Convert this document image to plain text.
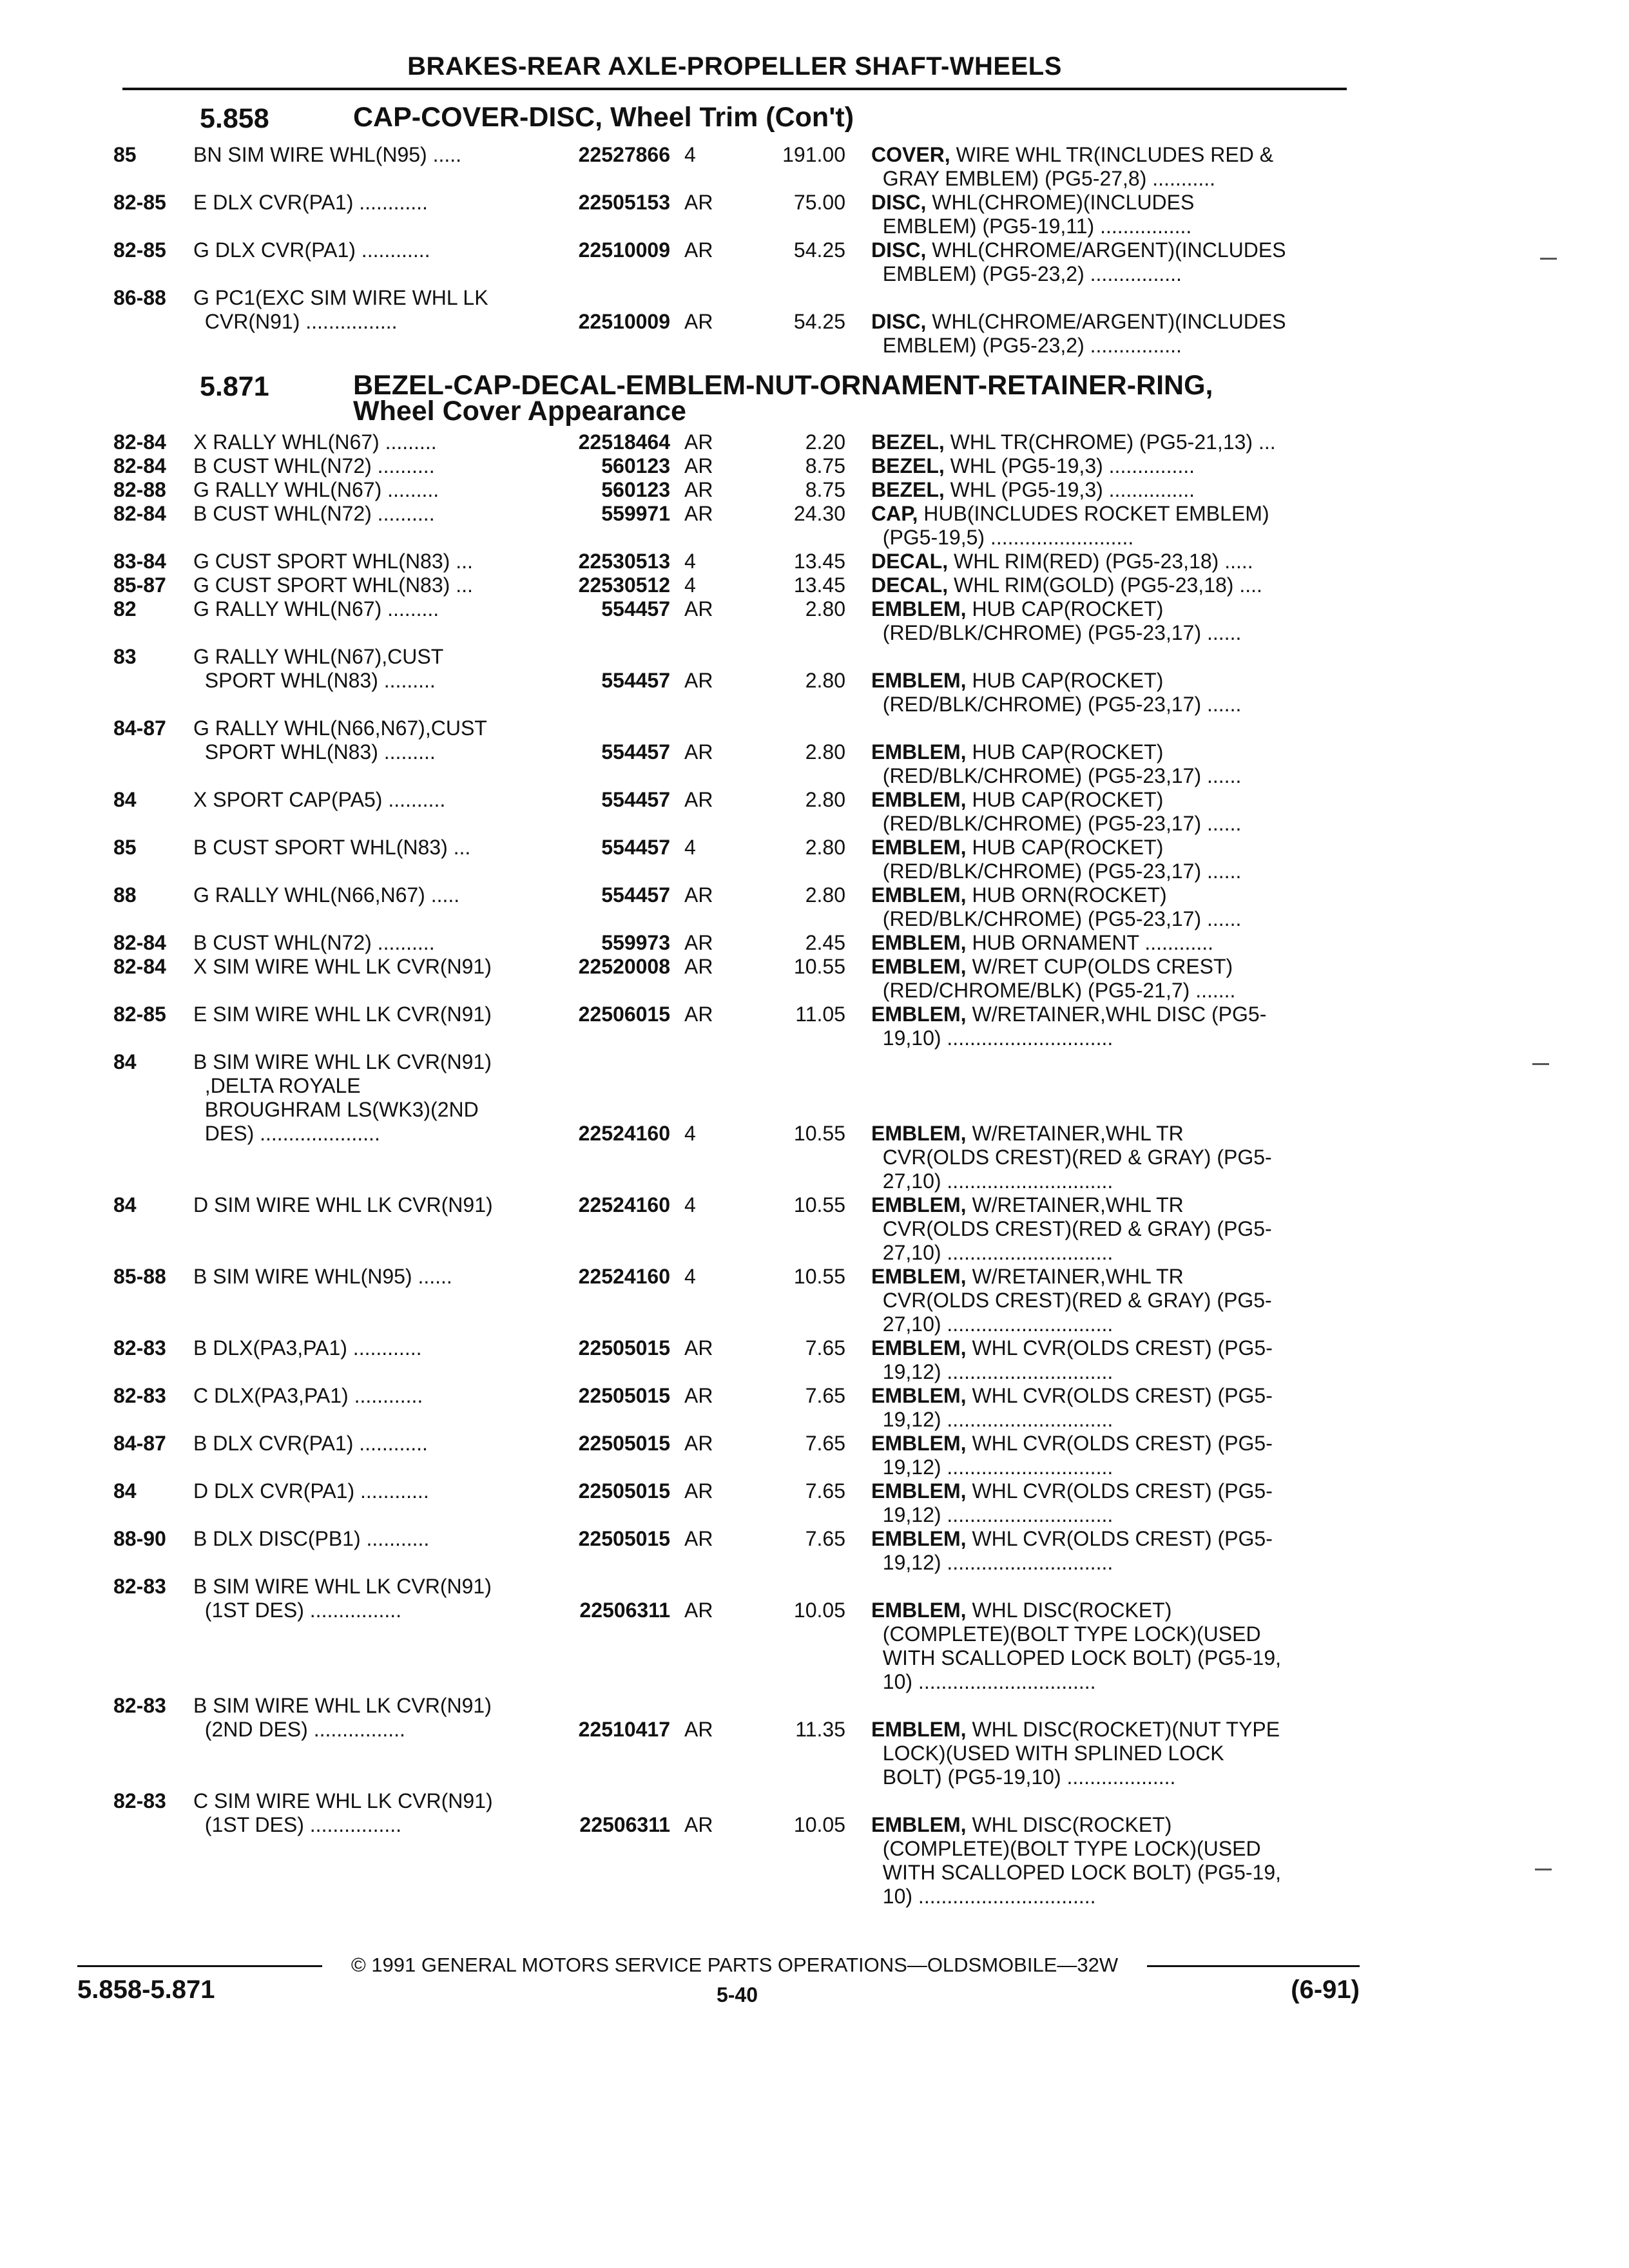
BRAKES-REAR AXLE-PROPELLER SHAFT-WHEELS
5.858	CAP-COVER-DISC, Wheel Trim (Con't)
85	BN SIM WIRE WHL(N95) .....	22527866 4	191.00 COVER, WIRE WHL TR(INCLUDES RED &
GRAY EMBLEM) (PG5-27,8) ...........
82-85	E DLX CVR(PA1) ............	22505153 AR	75.00 DISC, WHL(CHROME)(INCLUDES
EMBLEM) (PG5-19,11) ................
82-85	G DLX CVR(PA1) ............	22510009 AR	54.25 DISC, WHL(CHROME/ARGENT)(INCLUDES
EMBLEM) (PG5-23,2) ................
86-88	G PC1(EXC SIM WIRE WHL LK
CVR(N91) ................	22510009 AR	54.25 DISC, WHL(CHROME/ARGENT)(INCLUDES
EMBLEM) (PG5-23,2) ................
5.871	BEZEL-CAP-DECAL-EMBLEM-NUT-ORNAMENT-RETAINER-RING,
Wheel Cover Appearance
82-84	X RALLY WHL(N67) .........	22518464 AR	2.20 BEZEL, WHL TR(CHROME) (PG5-21,13) ...
82-84	B CUST WHL(N72) ..........	560123 AR	8.75 BEZEL, WHL (PG5-19,3) ...............
82-88	G RALLY WHL(N67) .........	560123 AR	8.75 BEZEL, WHL (PG5-19,3) ...............
82-84	B CUST WHL(N72) ..........	559971 AR	24.30 CAP, HUB(INCLUDES ROCKET EMBLEM)
(PG5-19,5) .........................
83-84	G CUST SPORT WHL(N83) ...	22530513 4	13.45 DECAL, WHL RIM(RED) (PG5-23,18) .....
85-87	G CUST SPORT WHL(N83) ...	22530512 4	13.45 DECAL, WHL RIM(GOLD) (PG5-23,18) ....
82	G RALLY WHL(N67) .........	554457 AR	2.80 EMBLEM, HUB CAP(ROCKET)
(RED/BLK/CHROME) (PG5-23,17) ......
83	G RALLY WHL(N67),CUST
SPORT WHL(N83) .........	554457 AR	2.80 EMBLEM, HUB CAP(ROCKET)
(RED/BLK/CHROME) (PG5-23,17) ......
84-87	G RALLY WHL(N66,N67),CUST
SPORT WHL(N83) .........	554457 AR	2.80 EMBLEM, HUB CAP(ROCKET)
(RED/BLK/CHROME) (PG5-23,17) ......
84	X SPORT CAP(PA5) ..........	554457 AR	2.80 EMBLEM, HUB CAP(ROCKET)
(RED/BLK/CHROME) (PG5-23,17) ......
85	B CUST SPORT WHL(N83) ...	554457 4	2.80 EMBLEM, HUB CAP(ROCKET)
(RED/BLK/CHROME) (PG5-23,17) ......
88	G RALLY WHL(N66,N67) .....	554457 AR	2.80 EMBLEM, HUB ORN(ROCKET)
(RED/BLK/CHROME) (PG5-23,17) ......
82-84	B CUST WHL(N72) ..........	559973 AR	2.45 EMBLEM, HUB ORNAMENT ............
82-84	X SIM WIRE WHL LK CVR(N91)	22520008 AR	10.55 EMBLEM, W/RET CUP(OLDS CREST)
(RED/CHROME/BLK) (PG5-21,7) .......
82-85	E SIM WIRE WHL LK CVR(N91)	22506015 AR	11.05 EMBLEM, W/RETAINER,WHL DISC (PG5-
19,10) .............................
84	B SIM WIRE WHL LK CVR(N91)
,DELTA ROYALE
BROUGHRAM LS(WK3)(2ND
DES) .....................	22524160 4	10.55 EMBLEM, W/RETAINER,WHL TR
CVR(OLDS CREST)(RED & GRAY) (PG5-
27,10) .............................
84	D SIM WIRE WHL LK CVR(N91)	22524160 4	10.55 EMBLEM, W/RETAINER,WHL TR
CVR(OLDS CREST)(RED & GRAY) (PG5-
27,10) .............................
85-88	B SIM WIRE WHL(N95) ......	22524160 4	10.55 EMBLEM, W/RETAINER,WHL TR
CVR(OLDS CREST)(RED & GRAY) (PG5-
27,10) .............................
82-83	B DLX(PA3,PA1) ............	22505015 AR	7.65 EMBLEM, WHL CVR(OLDS CREST) (PG5-
19,12) .............................
82-83	C DLX(PA3,PA1) ............	22505015 AR	7.65 EMBLEM, WHL CVR(OLDS CREST) (PG5-
19,12) .............................
84-87	B DLX CVR(PA1) ............	22505015 AR	7.65 EMBLEM, WHL CVR(OLDS CREST) (PG5-
19,12) .............................
84	D DLX CVR(PA1) ............	22505015 AR	7.65 EMBLEM, WHL CVR(OLDS CREST) (PG5-
19,12) .............................
88-90	B DLX DISC(PB1) ...........	22505015 AR	7.65 EMBLEM, WHL CVR(OLDS CREST) (PG5-
19,12) .............................
82-83	B SIM WIRE WHL LK CVR(N91)
(1ST DES) ................	22506311 AR	10.05 EMBLEM, WHL DISC(ROCKET)
(COMPLETE)(BOLT TYPE LOCK)(USED
WITH SCALLOPED LOCK BOLT) (PG5-19,
10) ...............................
82-83	B SIM WIRE WHL LK CVR(N91)
(2ND DES) ................	22510417 AR	11.35 EMBLEM, WHL DISC(ROCKET)(NUT TYPE
LOCK)(USED WITH SPLINED LOCK
BOLT) (PG5-19,10) ...................
82-83	C SIM WIRE WHL LK CVR(N91)
(1ST DES) ................	22506311 AR	10.05 EMBLEM, WHL DISC(ROCKET)
(COMPLETE)(BOLT TYPE LOCK)(USED
WITH SCALLOPED LOCK BOLT) (PG5-19,
10) ...............................
© 1991 GENERAL MOTORS SERVICE PARTS OPERATIONS—OLDSMOBILE—32W
5.858-5.871	5-40	(6-91)
